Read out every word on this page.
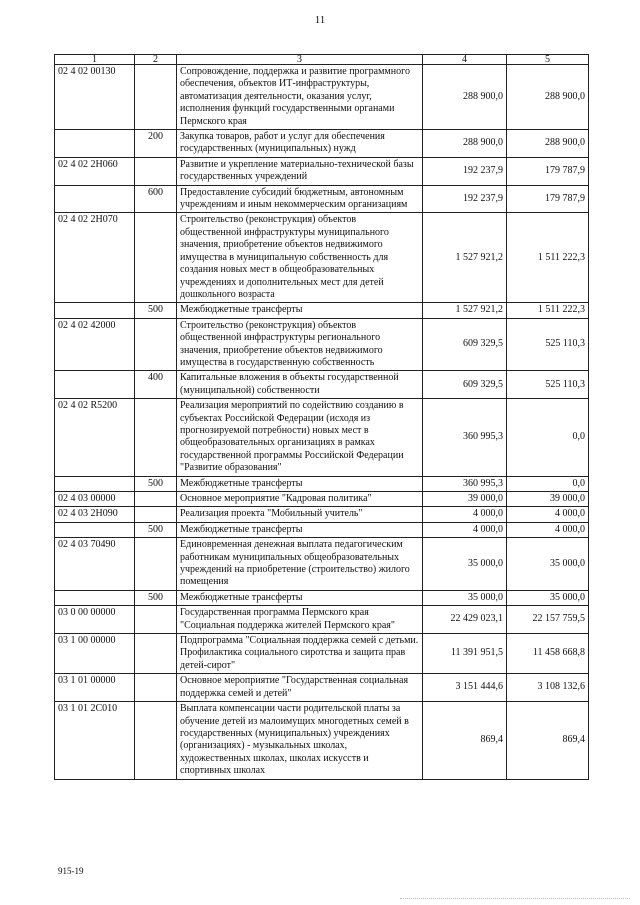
11
1	2	3	4	5
02 4 02 00130		Сопровождение, поддержка и развитие программного обеспечения, объектов ИТ-инфраструктуры, автоматизация деятельности, оказания услуг, исполнения функций государственными органами Пермского края	288 900,0	288 900,0
	200	Закупка товаров, работ и услуг для обеспечения государственных (муниципальных) нужд	288 900,0	288 900,0
02 4 02 2Н060		Развитие и укрепление материально-технической базы государственных учреждений	192 237,9	179 787,9
	600	Предоставление субсидий бюджетным, автономным учреждениям и иным некоммерческим организациям	192 237,9	179 787,9
02 4 02 2Н070		Строительство (реконструкция) объектов общественной инфраструктуры муниципального значения, приобретение объектов недвижимого имущества в муниципальную собственность для создания новых мест в общеобразовательных учреждениях и дополнительных мест для детей дошкольного возраста	1 527 921,2	1 511 222,3
	500	Межбюджетные трансферты	1 527 921,2	1 511 222,3
02 4 02 42000		Строительство (реконструкция) объектов общественной инфраструктуры регионального значения, приобретение объектов недвижимого имущества в государственную собственность	609 329,5	525 110,3
	400	Капитальные вложения в объекты государственной (муниципальной) собственности	609 329,5	525 110,3
02 4 02 R5200		Реализация мероприятий по содействию созданию в субъектах Российской Федерации (исходя из прогнозируемой потребности) новых мест в общеобразовательных организациях в рамках государственной программы Российской Федерации "Развитие образования"	360 995,3	0,0
	500	Межбюджетные трансферты	360 995,3	0,0
02 4 03 00000		Основное мероприятие "Кадровая политика"	39 000,0	39 000,0
02 4 03 2Н090		Реализация проекта "Мобильный учитель"	4 000,0	4 000,0
	500	Межбюджетные трансферты	4 000,0	4 000,0
02 4 03 70490		Единовременная денежная выплата педагогическим работникам муниципальных общеобразовательных учреждений на приобретение (строительство) жилого помещения	35 000,0	35 000,0
	500	Межбюджетные трансферты	35 000,0	35 000,0
03 0 00 00000		Государственная программа Пермского края "Социальная поддержка жителей Пермского края"	22 429 023,1	22 157 759,5
03 1 00 00000		Подпрограмма "Социальная поддержка семей с детьми. Профилактика социального сиротства и защита прав детей-сирот"	11 391 951,5	11 458 668,8
03 1 01 00000		Основное мероприятие "Государственная социальная поддержка семей и детей"	3 151 444,6	3 108 132,6
03 1 01 2С010		Выплата компенсации части родительской платы за обучение детей из малоимущих многодетных семей в государственных (муниципальных) учреждениях (организациях) - музыкальных школах, художественных школах, школах искусств и спортивных школах	869,4	869,4
915-19
